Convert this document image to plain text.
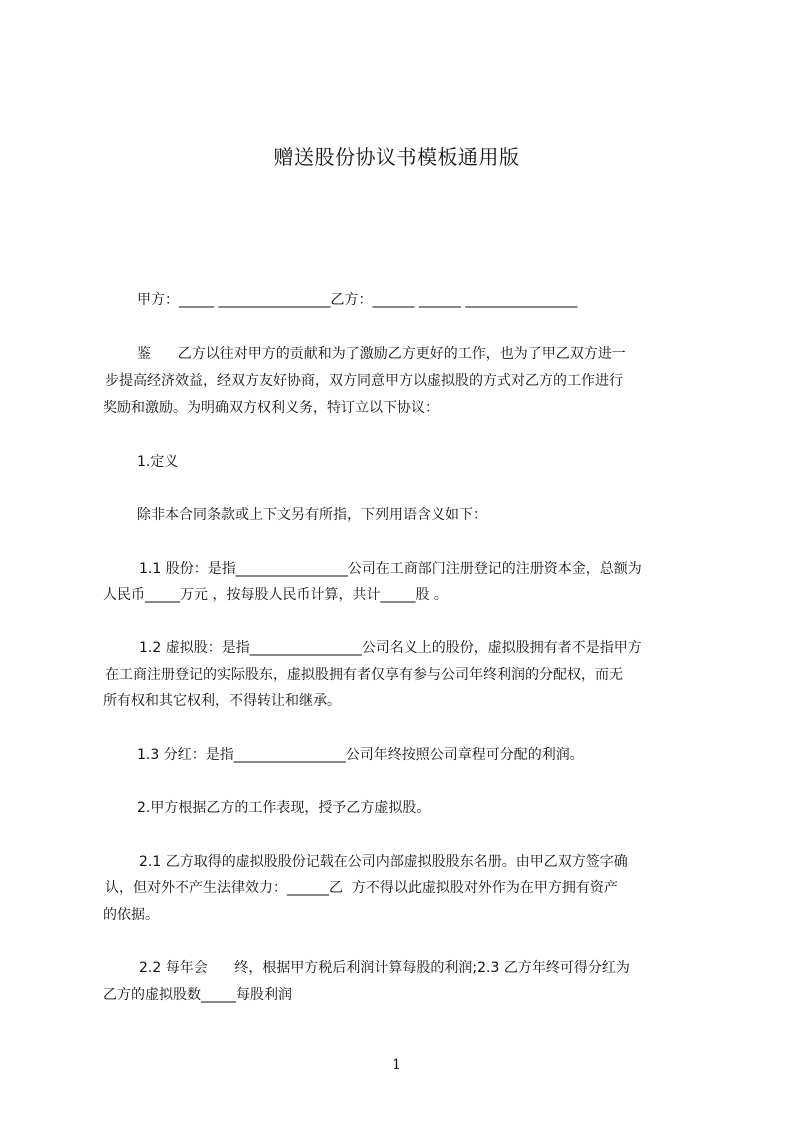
赠送股份协议书模板通用版
甲方：_____ ________________乙方：______ ______ ________________
鉴      乙方以往对甲方的贡献和为了激励乙方更好的工作，也为了甲乙双方进一
步提高经济效益，经双方友好协商，双方同意甲方以虚拟股的方式对乙方的工作进行
奖励和激励。为明确双方权利义务，特订立以下协议：
1.定义
除非本合同条款或上下文另有所指，下列用语含义如下：
1.1 股份：是指________________公司在工商部门注册登记的注册资本金，总额为
人民币_____万元 ，按每股人民币计算，共计_____股 。
1.2 虚拟股：是指________________公司名义上的股份，虚拟股拥有者不是指甲方
在工商注册登记的实际股东，虚拟股拥有者仅享有参与公司年终利润的分配权，而无
所有权和其它权利，不得转让和继承。
1.3 分红：是指________________公司年终按照公司章程可分配的利润。
2.甲方根据乙方的工作表现，授予乙方虚拟股。
2.1 乙方取得的虚拟股股份记载在公司内部虚拟股股东名册。由甲乙双方签字确
认，但对外不产生法律效力：______乙  方不得以此虚拟股对外作为在甲方拥有资产
的依据。
2.2 每年会      终，根据甲方税后利润计算每股的利润;2.3 乙方年终可得分红为
乙方的虚拟股数_____每股利润
1
